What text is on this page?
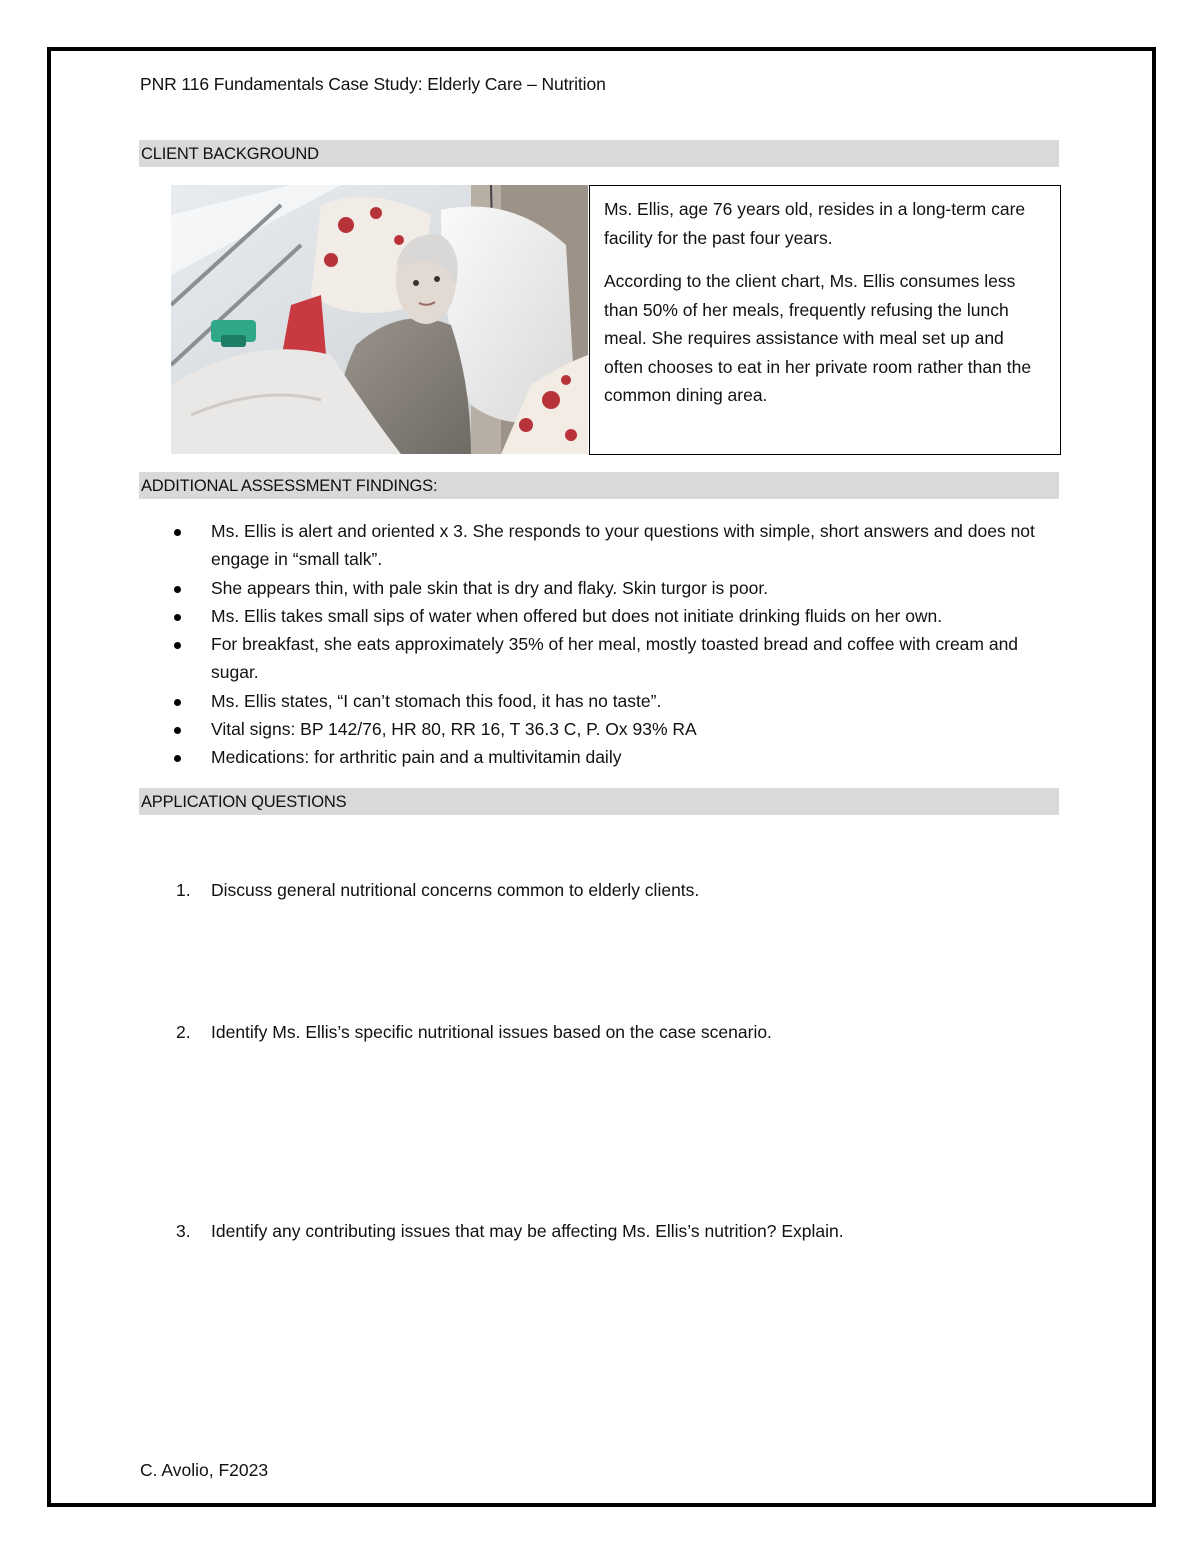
PNR 116 Fundamentals Case Study: Elderly Care – Nutrition
CLIENT BACKGROUND

Ms. Ellis, age 76 years old, resides in a long-term care facility for the past four years.

According to the client chart, Ms. Ellis consumes less than 50% of her meals, frequently refusing the lunch meal. She requires assistance with meal set up and often chooses to eat in her private room rather than the common dining area.

ADDITIONAL ASSESSMENT FINDINGS:
Ms. Ellis is alert and oriented x 3. She responds to your questions with simple, short answers and does not engage in “small talk”.
She appears thin, with pale skin that is dry and flaky. Skin turgor is poor.
Ms. Ellis takes small sips of water when offered but does not initiate drinking fluids on her own.
For breakfast, she eats approximately 35% of her meal, mostly toasted bread and coffee with cream and sugar.
Ms. Ellis states, “I can’t stomach this food, it has no taste”.
Vital signs: BP 142/76, HR 80, RR 16, T 36.3 C, P. Ox 93% RA
Medications: for arthritic pain and a multivitamin daily
APPLICATION QUESTIONS
1. Discuss general nutritional concerns common to elderly clients.
2. Identify Ms. Ellis’s specific nutritional issues based on the case scenario.
3. Identify any contributing issues that may be affecting Ms. Ellis’s nutrition? Explain.
C. Avolio, F2023
